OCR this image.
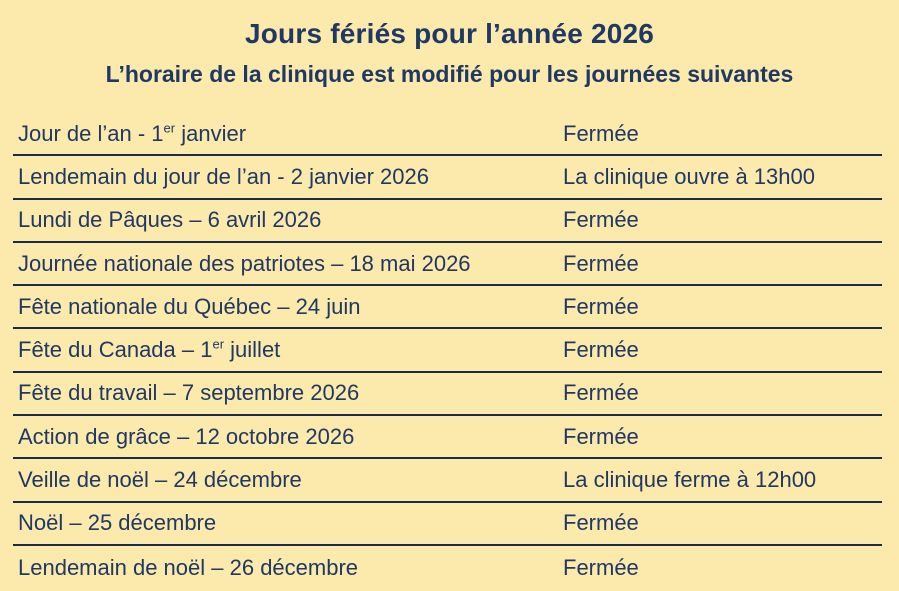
Jours fériés pour l’année 2026
L’horaire de la clinique est modifié pour les journées suivantes
Jour de l’an - 1er janvier	Fermée
Lendemain du jour de l’an - 2 janvier 2026	La clinique ouvre à 13h00
Lundi de Pâques – 6 avril 2026	Fermée
Journée nationale des patriotes – 18 mai 2026	Fermée
Fête nationale du Québec – 24 juin	Fermée
Fête du Canada – 1er juillet	Fermée
Fête du travail – 7 septembre 2026	Fermée
Action de grâce – 12 octobre 2026	Fermée
Veille de noël – 24 décembre	La clinique ferme à 12h00
Noël – 25 décembre	Fermée
Lendemain de noël – 26 décembre	Fermée
